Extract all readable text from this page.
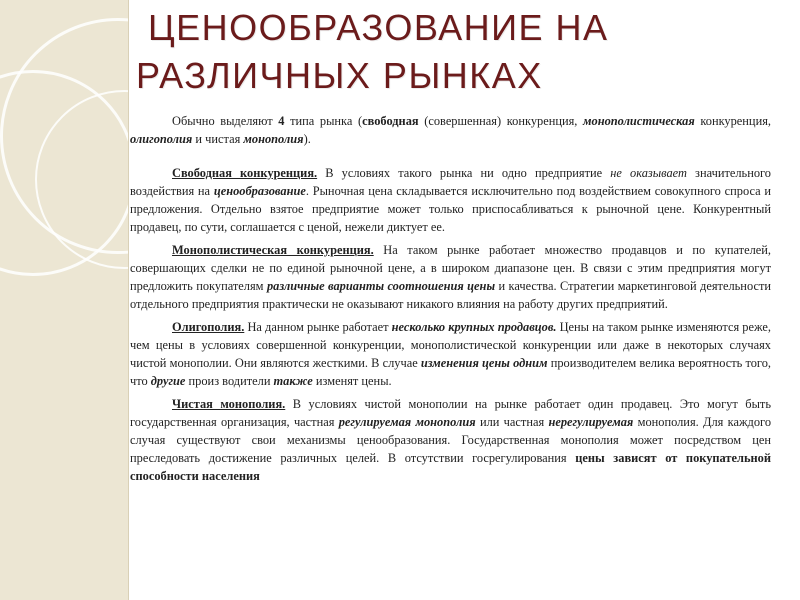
ЦЕНООБРАЗОВАНИЕ НА
РАЗЛИЧНЫХ РЫНКАХ

Обычно выделяют 4 типа рынка (свободная (совершенная) конкуренция, монополистическая конкуренция, олигополия и чистая монополия).

Свободная конкуренция. В условиях такого рынка ни одно предприятие не оказывает значительного воздействия на ценообразование. Рыночная цена складывается исключительно под воздействием совокупного спроса и предложения. Отдельно взятое предприятие может только приспосабливаться к рыночной цене. Конкурентный продавец, по сути, соглашается с ценой, нежели диктует ее.

Монополистическая конкуренция. На таком рынке работает множество продавцов и по купателей, совершающих сделки не по единой рыночной цене, а в широком диапазоне цен. В связи с этим предприятия могут предложить покупателям различные варианты соотношения цены и качества. Стратегии маркетинговой деятельности отдельного предприятия практически не оказывают никакого влияния на работу других предприятий.

Олигополия. На данном рынке работает несколько крупных продавцов. Цены на таком рынке изменяются реже, чем цены в условиях совершенной конкуренции, монополистической конкуренции или даже в некоторых случаях чистой монополии. Они являются жесткими. В случае изменения цены одним производителем велика вероятность того, что другие произ водители также изменят цены.

Чистая монополия. В условиях чистой монополии на рынке работает один продавец. Это могут быть государственная организация, частная регулируемая монополия или частная нерегулируемая монополия. Для каждого случая существуют свои механизмы ценообразования. Государственная монополия может посредством цен преследовать достижение различных целей. В отсутствии госрегулирования цены зависят от покупательной способности населения
